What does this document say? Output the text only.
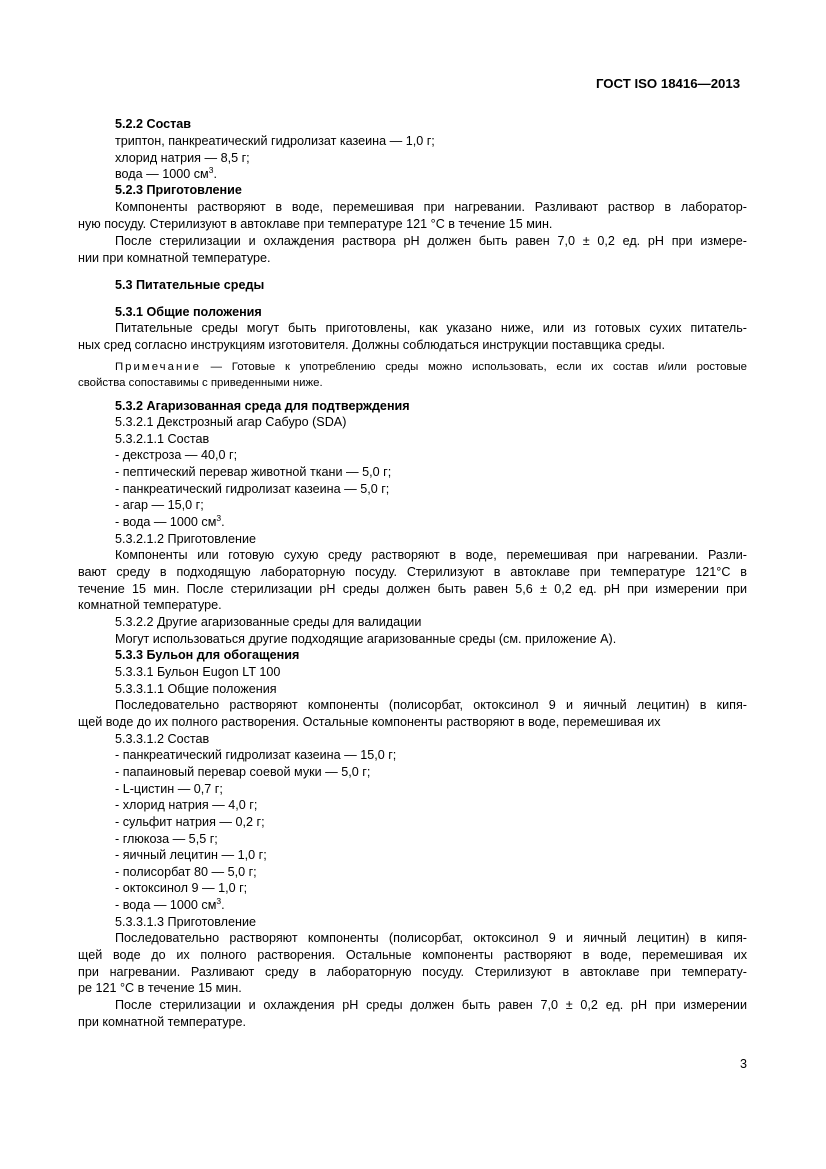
ГОСТ ISO 18416—2013
5.2.2 Состав
триптон, панкреатический гидролизат казеина — 1,0 г;
хлорид натрия — 8,5 г;
вода — 1000 $см^3$.
5.2.3 Приготовление
Компоненты растворяют в воде, перемешивая при нагревании. Разливают раствор в лаборатор-
ную посуду. Стерилизуют в автоклаве при температуре 121 °С в течение 15 мин.
После стерилизации и охлаждения раствора рН должен быть равен 7,0 ± 0,2 ед. рН при измере-
нии при комнатной температуре.
5.3 Питательные среды
5.3.1 Общие положения
Питательные среды могут быть приготовлены, как указано ниже, или из готовых сухих питатель-
ных сред согласно инструкциям изготовителя. Должны соблюдаться инструкции поставщика среды.
Примечание — Готовые к употреблению среды можно использовать, если их состав и/или ростовые
свойства сопоставимы с приведенными ниже.
5.3.2 Агаризованная среда для подтверждения
5.3.2.1 Декстрозный агар Сабуро (SDA)
5.3.2.1.1 Состав
- декстроза — 40,0 г;
- пептический перевар животной ткани — 5,0 г;
- панкреатический гидролизат казеина — 5,0 г;
- агар — 15,0 г;
- вода — 1000 $см^3$.
5.3.2.1.2 Приготовление
Компоненты или готовую сухую среду растворяют в воде, перемешивая при нагревании. Разли-
вают среду в подходящую лабораторную посуду. Стерилизуют в автоклаве при температуре 121°С в
течение 15 мин. После стерилизации рН среды должен быть равен 5,6 ± 0,2 ед. рН при измерении при
комнатной температуре.
5.3.2.2 Другие агаризованные среды для валидации
Могут использоваться другие подходящие агаризованные среды (см. приложение А).
5.3.3 Бульон для обогащения
5.3.3.1 Бульон Eugon LT 100
5.3.3.1.1 Общие положения
Последовательно растворяют компоненты (полисорбат, октоксинол 9 и яичный лецитин) в кипя-
щей воде до их полного растворения. Остальные компоненты растворяют в воде, перемешивая их
5.3.3.1.2 Состав
- панкреатический гидролизат казеина — 15,0 г;
- папаиновый перевар соевой муки — 5,0 г;
- L-цистин — 0,7 г;
- хлорид натрия — 4,0 г;
- сульфит натрия — 0,2 г;
- глюкоза — 5,5 г;
- яичный лецитин — 1,0 г;
- полисорбат 80 — 5,0 г;
- октоксинол 9 — 1,0 г;
- вода — 1000 $см^3$.
5.3.3.1.3 Приготовление
Последовательно растворяют компоненты (полисорбат, октоксинол 9 и яичный лецитин) в кипя-
щей воде до их полного растворения. Остальные компоненты растворяют в воде, перемешивая их
при нагревании. Разливают среду в лабораторную посуду. Стерилизуют в автоклаве при температу-
ре 121 °С в течение 15 мин.
После стерилизации и охлаждения рН среды должен быть равен 7,0 ± 0,2 ед. рН при измерении
при комнатной температуре.
3
